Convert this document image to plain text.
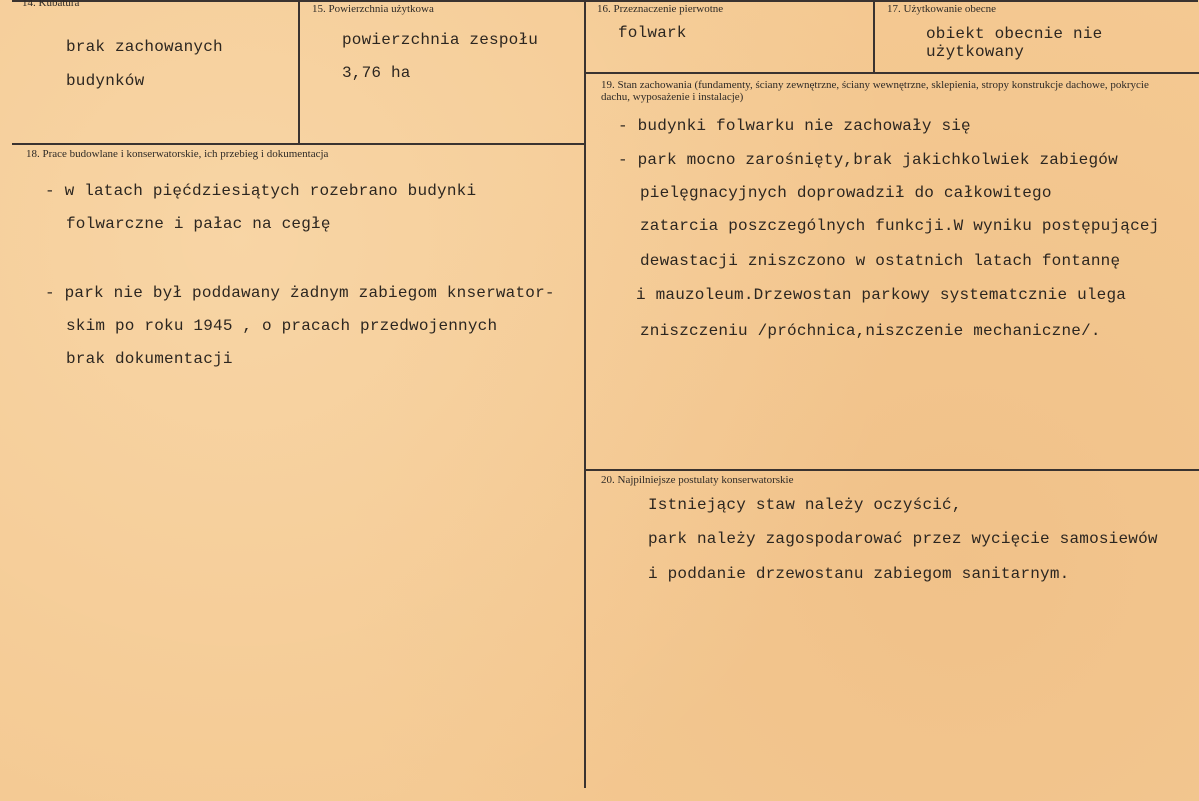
14. Kubatura
brak zachowanych
budynków
15. Powierzchnia użytkowa
powierzchnia zespołu
3,76 ha
16. Przeznaczenie pierwotne
folwark
17. Użytkowanie obecne
obiekt obecnie nie
użytkowany
18. Prace budowlane i konserwatorskie, ich przebieg i dokumentacja
- w latach pięćdziesiątych rozebrano budynki
folwarczne i pałac na cegłę
- park nie był poddawany żadnym zabiegom knserwator-
skim po roku 1945 , o pracach przedwojennych
brak dokumentacji
19. Stan zachowania (fundamenty, ściany zewnętrzne, ściany wewnętrzne, sklepienia, stropy konstrukcje dachowe, pokrycie dachu, wyposażenie i instalacje)
- budynki folwarku nie zachowały się
- park mocno zarośnięty,brak jakichkolwiek zabiegów
pielęgnacyjnych doprowadził do całkowitego
zatarcia poszczególnych funkcji.W wyniku postępującej
dewastacji zniszczono w ostatnich latach fontannę
i mauzoleum.Drzewostan parkowy systematcznie ulega
zniszczeniu /próchnica,niszczenie mechaniczne/.
20. Najpilniejsze postulaty konserwatorskie
Istniejący staw należy oczyścić,
park należy zagospodarować przez wycięcie samosiewów
i poddanie drzewostanu zabiegom sanitarnym.
